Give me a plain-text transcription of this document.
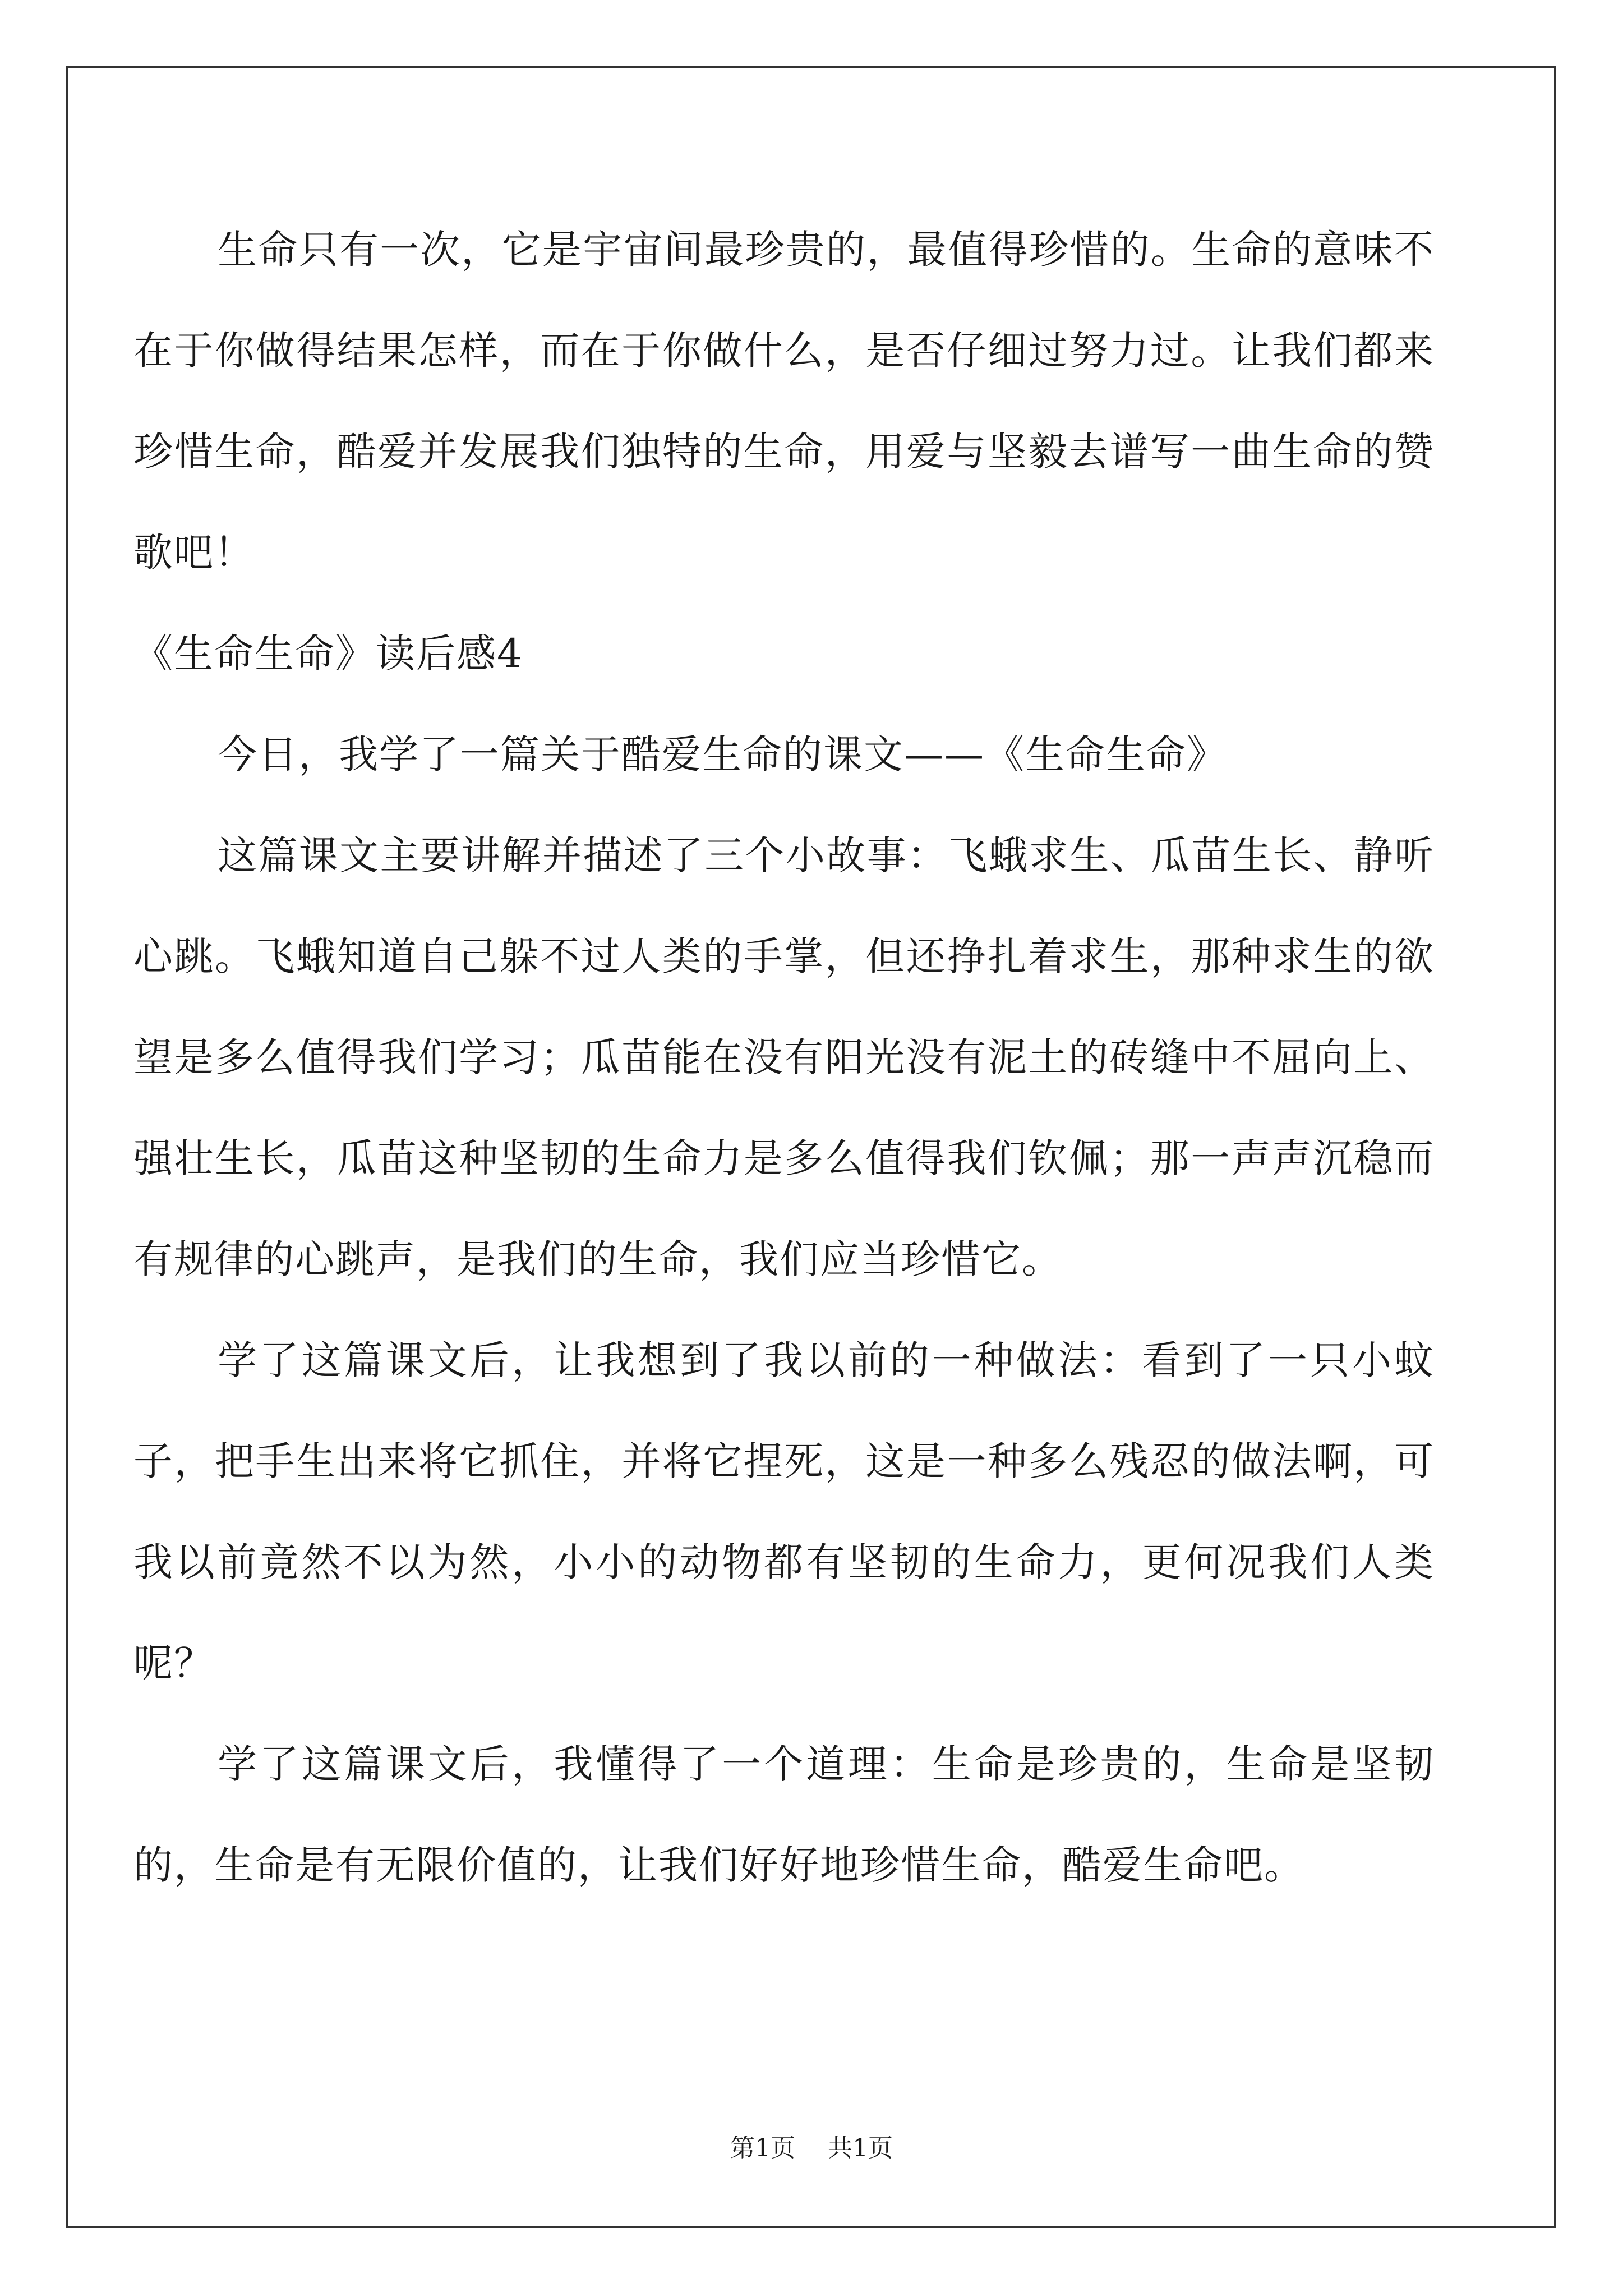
生命只有一次，它是宇宙间最珍贵的，最值得珍惜的。生命的意味不在于你做得结果怎样，而在于你做什么，是否仔细过努力过。让我们都来珍惜生命，酷爱并发展我们独特的生命，用爱与坚毅去谱写一曲生命的赞歌吧！

《生命生命》读后感4

今日，我学了一篇关于酷爱生命的课文——《生命生命》

这篇课文主要讲解并描述了三个小故事：飞蛾求生、瓜苗生长、静听心跳。飞蛾知道自己躲不过人类的手掌，但还挣扎着求生，那种求生的欲望是多么值得我们学习；瓜苗能在没有阳光没有泥土的砖缝中不屈向上、强壮生长，瓜苗这种坚韧的生命力是多么值得我们钦佩；那一声声沉稳而有规律的心跳声，是我们的生命，我们应当珍惜它。

学了这篇课文后，让我想到了我以前的一种做法：看到了一只小蚊子，把手生出来将它抓住，并将它捏死，这是一种多么残忍的做法啊，可我以前竟然不以为然，小小的动物都有坚韧的生命力，更何况我们人类呢？

学了这篇课文后，我懂得了一个道理：生命是珍贵的，生命是坚韧的，生命是有无限价值的，让我们好好地珍惜生命，酷爱生命吧。

第1页 共1页
